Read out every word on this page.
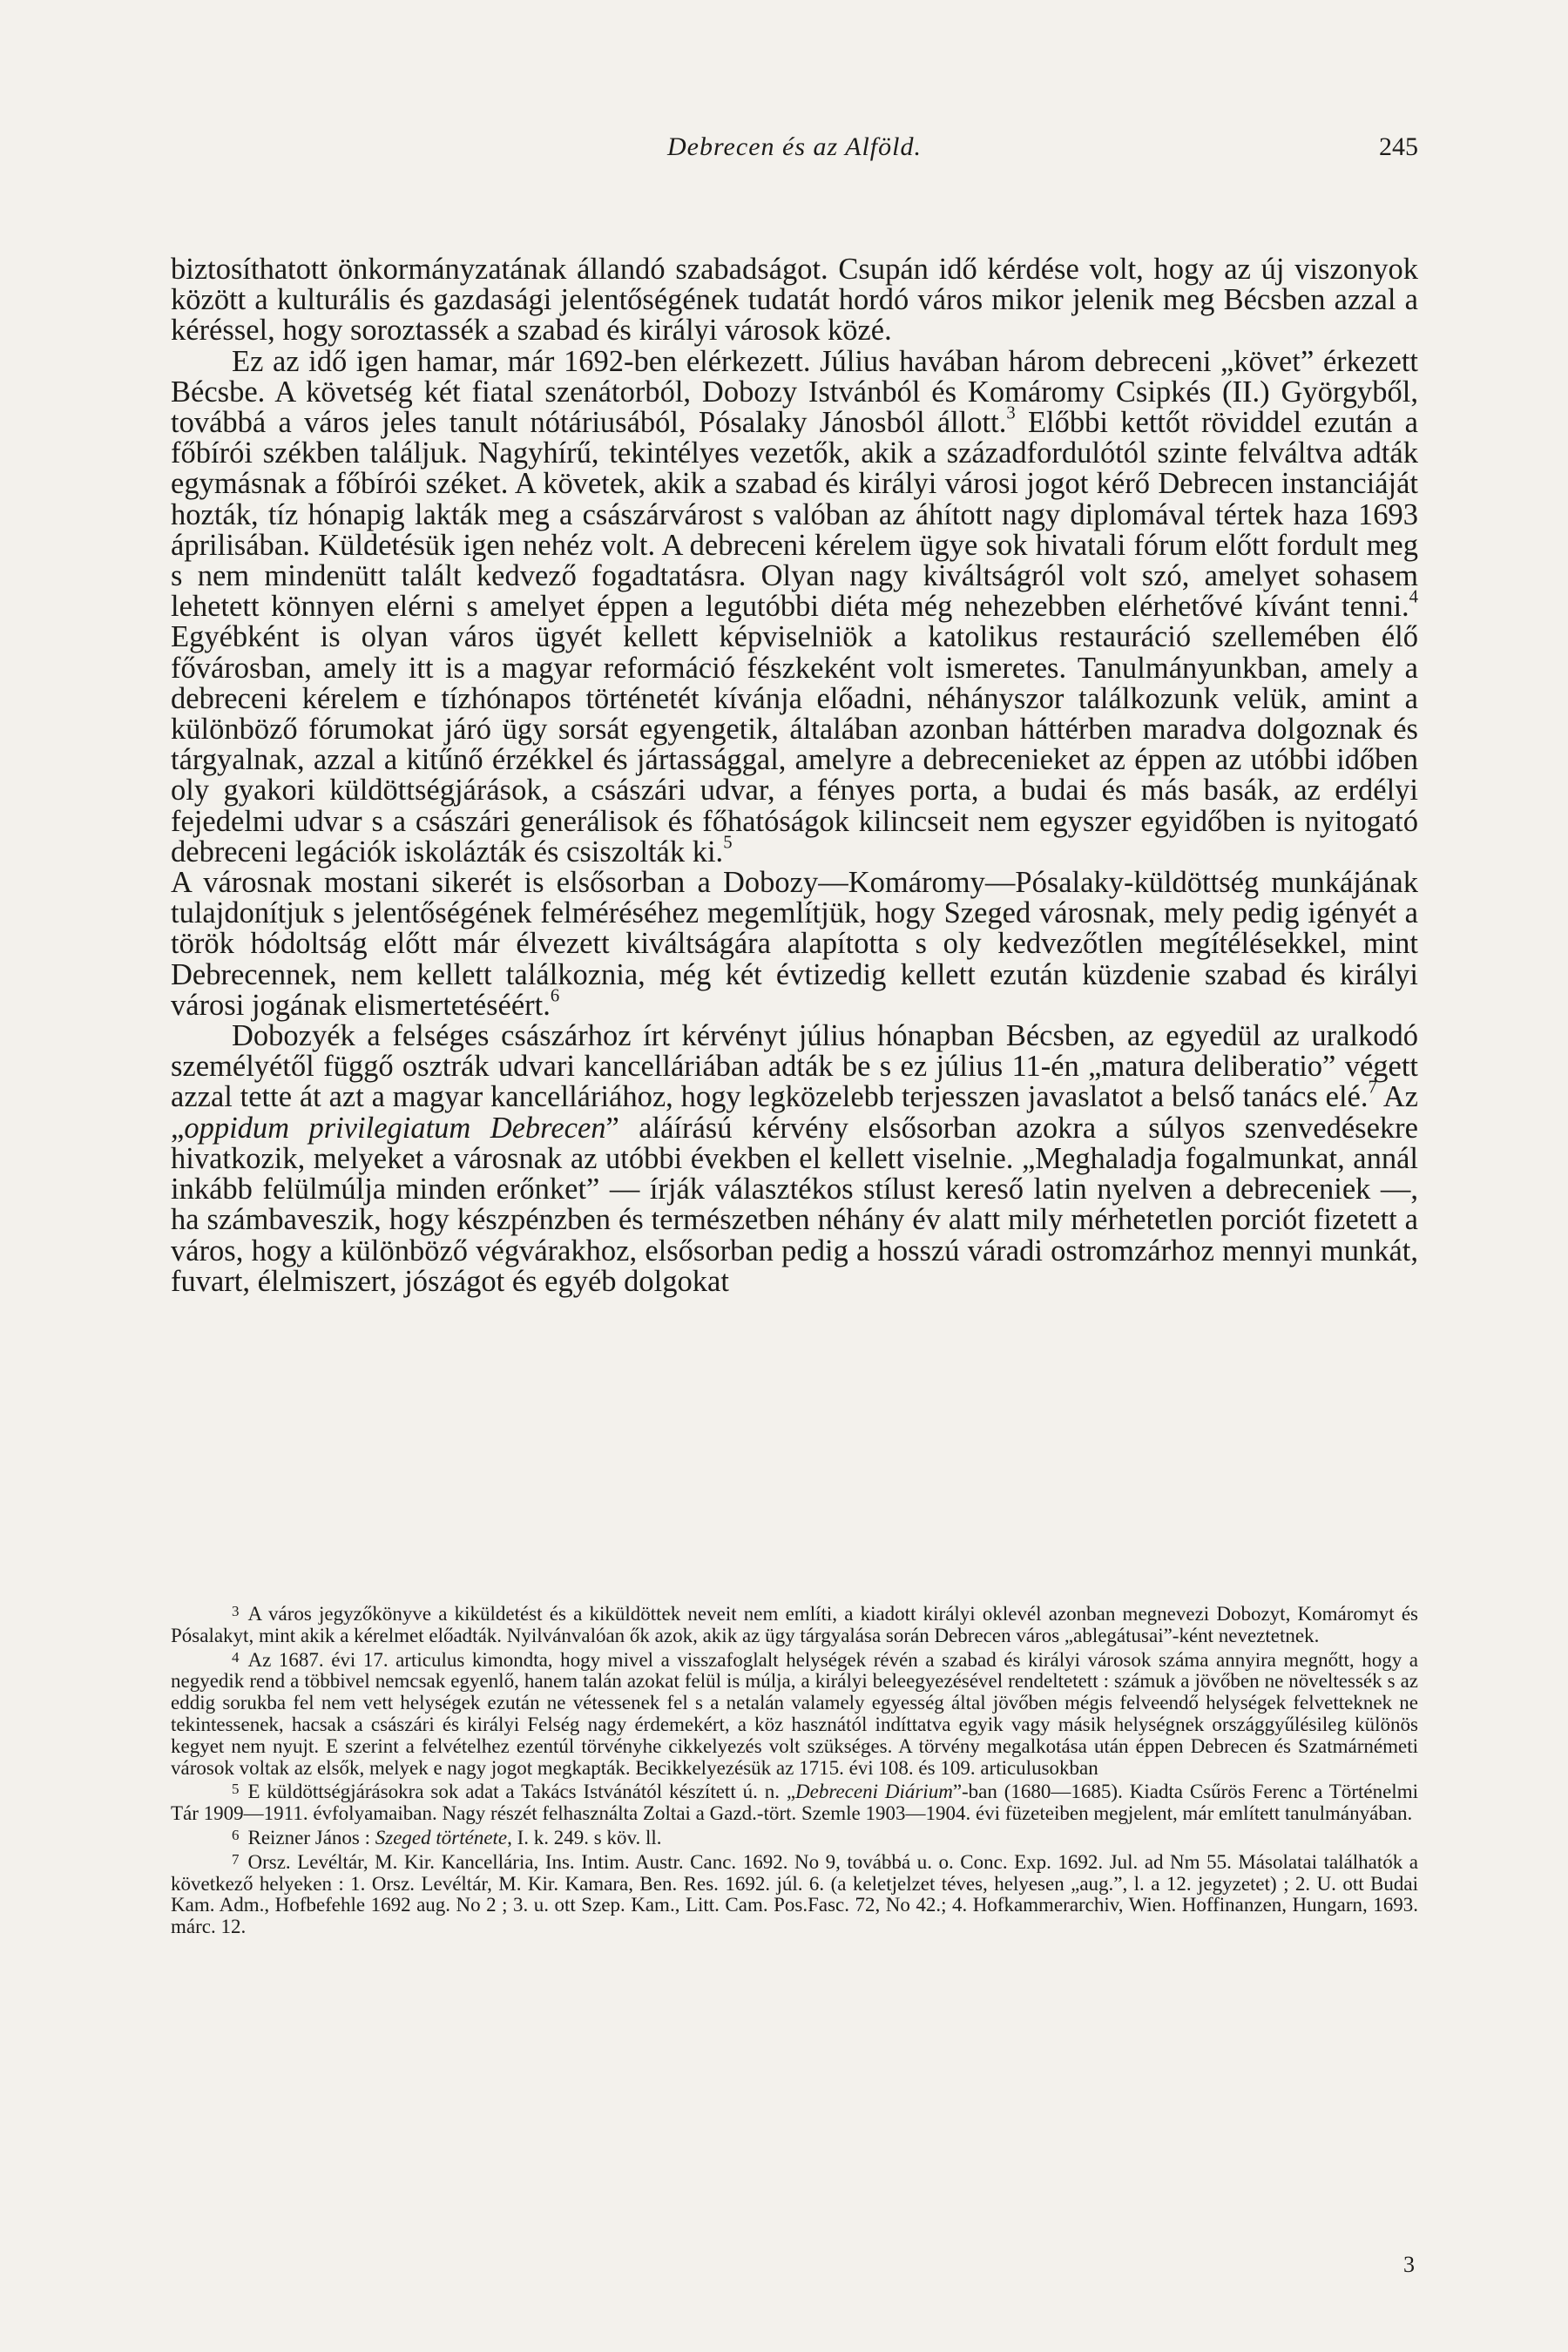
Debrecen és az Alföld.	245

biztosíthatott önkormányzatának állandó szabadságot. Csupán idő kérdése volt, hogy az új viszonyok között a kulturális és gazdasági jelentőségének tudatát hordó város mikor jelenik meg Bécsben azzal a kéréssel, hogy soroztassék a szabad és királyi városok közé.

Ez az idő igen hamar, már 1692-ben elérkezett. Július havában három debreceni „követ” érkezett Bécsbe. A követség két fiatal szenátorból, Dobozy Istvánból és Komáromy Csipkés (II.) Györgyből, továbbá a város jeles tanult nótáriusából, Pósalaky Jánosból állott.$^3$ Előbbi kettőt röviddel ezután a főbírói székben találjuk. Nagyhírű, tekintélyes vezetők, akik a századfordulótól szinte felváltva adták egymásnak a főbírói széket. A követek, akik a szabad és királyi városi jogot kérő Debrecen instanciáját hozták, tíz hónapig lakták meg a császárvárost s valóban az áhított nagy diplomával tértek haza 1693 áprilisában. Küldetésük igen nehéz volt. A debreceni kérelem ügye sok hivatali fórum előtt fordult meg s nem mindenütt talált kedvező fogadtatásra. Olyan nagy kiváltságról volt szó, amelyet sohasem lehetett könnyen elérni s amelyet éppen a legutóbbi diéta még nehezebben elérhetővé kívánt tenni.$^4$ Egyébként is olyan város ügyét kellett képviselniök a katolikus restauráció szellemében élő fővárosban, amely itt is a magyar reformáció fészkeként volt ismeretes. Tanulmányunkban, amely a debreceni kérelem e tízhónapos történetét kívánja előadni, néhányszor találkozunk velük, amint a különböző fórumokat járó ügy sorsát egyengetik, általában azonban háttérben maradva dolgoznak és tárgyalnak, azzal a kitűnő érzékkel és jártassággal, amelyre a debrecenieket az éppen az utóbbi időben oly gyakori küldöttségjárások, a császári udvar, a fényes porta, a budai és más basák, az erdélyi fejedelmi udvar s a császári generálisok és főhatóságok kilincseit nem egyszer egyidőben is nyitogató debreceni legációk iskolázták és csiszolták ki.$^5$

A városnak mostani sikerét is elsősorban a Dobozy—Komáromy—Pósalaky-küldöttség munkájának tulajdonítjuk s jelentőségének felméréséhez megemlítjük, hogy Szeged városnak, mely pedig igényét a török hódoltság előtt már élvezett kiváltságára alapította s oly kedvezőtlen megítélésekkel, mint Debrecennek, nem kellett találkoznia, még két évtizedig kellett ezután küzdenie szabad és királyi városi jogának elismertetéséért.$^6$

Dobozyék a felséges császárhoz írt kérvényt július hónapban Bécsben, az egyedül az uralkodó személyétől függő osztrák udvari kancelláriában adták be s ez július 11-én „matura deliberatio” végett azzal tette át azt a magyar kancelláriához, hogy legközelebb terjesszen javaslatot a belső tanács elé.$^7$ Az „oppidum privilegiatum Debrecen” aláírású kérvény elsősorban azokra a súlyos szenvedésekre hivatkozik, melyeket a városnak az utóbbi években el kellett viselnie. „Meghaladja fogalmunkat, annál inkább felülmúlja minden erőnket” — írják választékos stílust kereső latin nyelven a debreceniek —, ha számbaveszik, hogy készpénzben és természetben néhány év alatt mily mérhetetlen porciót fizetett a város, hogy a különböző végvárakhoz, elsősorban pedig a hosszú váradi ostromzárhoz mennyi munkát, fuvart, élelmiszert, jószágot és egyéb dolgokat

$^3$ A város jegyzőkönyve a kiküldetést és a kiküldöttek neveit nem említi, a kiadott királyi oklevél azonban megnevezi Dobozyt, Komáromyt és Pósalakyt, mint akik a kérelmet előadták. Nyilvánvalóan ők azok, akik az ügy tárgyalása során Debrecen város „ablegátusai”-ként neveztetnek.

$^4$ Az 1687. évi 17. articulus kimondta, hogy mivel a visszafoglalt helységek révén a szabad és királyi városok száma annyira megnőtt, hogy a negyedik rend a többivel nemcsak egyenlő, hanem talán azokat felül is múlja, a királyi beleegyezésével rendeltetett : számuk a jövőben ne növeltessék s az eddig sorukba fel nem vett helységek ezután ne vétessenek fel s a netalán valamely egyesség által jövőben mégis felveendő helységek felvetteknek ne tekintessenek, hacsak a császári és királyi Felség nagy érdemekért, a köz hasznától indíttatva egyik vagy másik helységnek országgyűlésileg különös kegyet nem nyujt. E szerint a felvételhez ezentúl törvényhe cikkelyezés volt szükséges. A törvény megalkotása után éppen Debrecen és Szatmárnémeti városok voltak az elsők, melyek e nagy jogot megkapták. Becikkelyezésük az 1715. évi 108. és 109. articulusokban

$^5$ E küldöttségjárásokra sok adat a Takács Istvánától készített ú. n. „Debreceni Diárium”-ban (1680—1685). Kiadta Csűrös Ferenc a Történelmi Tár 1909—1911. évfolyamaiban. Nagy részét felhasználta Zoltai a Gazd.-tört. Szemle 1903—1904. évi füzeteiben megjelent, már említett tanulmányában.

$^6$ Reizner János : Szeged története, I. k. 249. s köv. ll.

$^7$ Orsz. Levéltár, M. Kir. Kancellária, Ins. Intim. Austr. Canc. 1692. No 9, továbbá u. o. Conc. Exp. 1692. Jul. ad Nm 55. Másolatai találhatók a következő helyeken : 1. Orsz. Levéltár, M. Kir. Kamara, Ben. Res. 1692. júl. 6. (a keletjelzet téves, helyesen „aug.”, l. a 12. jegyzetet) ; 2. U. ott Budai Kam. Adm., Hofbefehle 1692 aug. No 2 ; 3. u. ott Szep. Kam., Litt. Cam. Pos.Fasc. 72, No 42.; 4. Hofkammerarchiv, Wien. Hoffinanzen, Hungarn, 1693. márc. 12.

3
